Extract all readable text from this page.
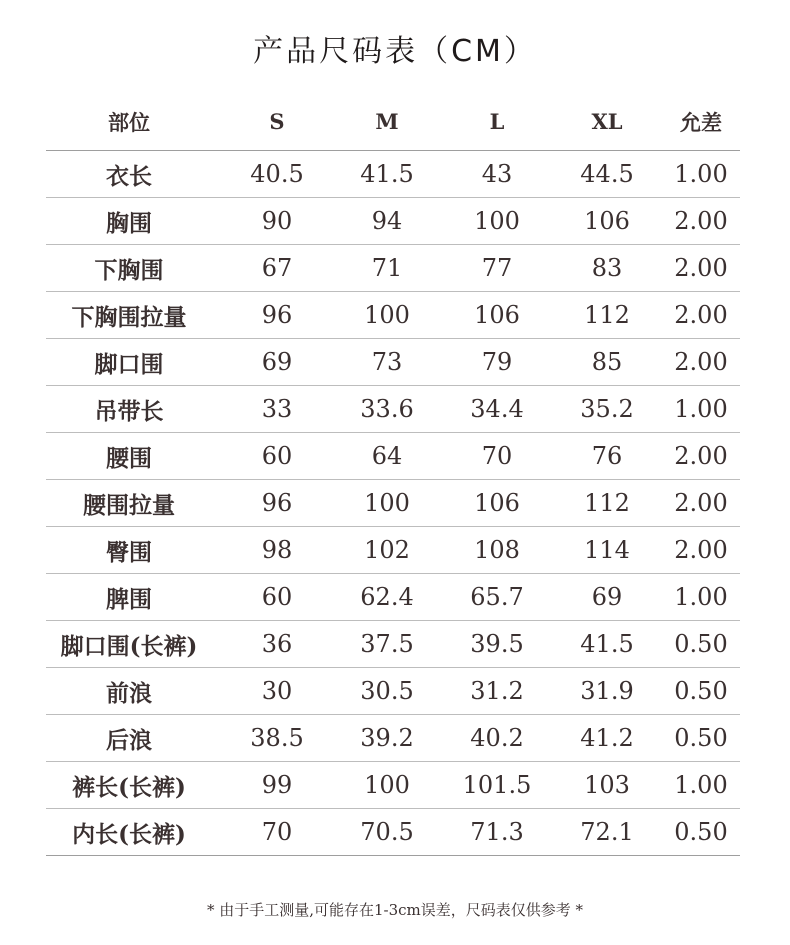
产品尺码表（CM）
部位	S	M	L	XL	允差
衣长	40.5	41.5	43	44.5	1.00
胸围	90	94	100	106	2.00
下胸围	67	71	77	83	2.00
下胸围拉量	96	100	106	112	2.00
脚口围	69	73	79	85	2.00
吊带长	33	33.6	34.4	35.2	1.00
腰围	60	64	70	76	2.00
腰围拉量	96	100	106	112	2.00
臀围	98	102	108	114	2.00
脾围	60	62.4	65.7	69	1.00
脚口围(长裤)	36	37.5	39.5	41.5	0.50
前浪	30	30.5	31.2	31.9	0.50
后浪	38.5	39.2	40.2	41.2	0.50
裤长(长裤)	99	100	101.5	103	1.00
内长(长裤)	70	70.5	71.3	72.1	0.50
* 由于手工测量,可能存在1-3cm误差，尺码表仅供参考 *
